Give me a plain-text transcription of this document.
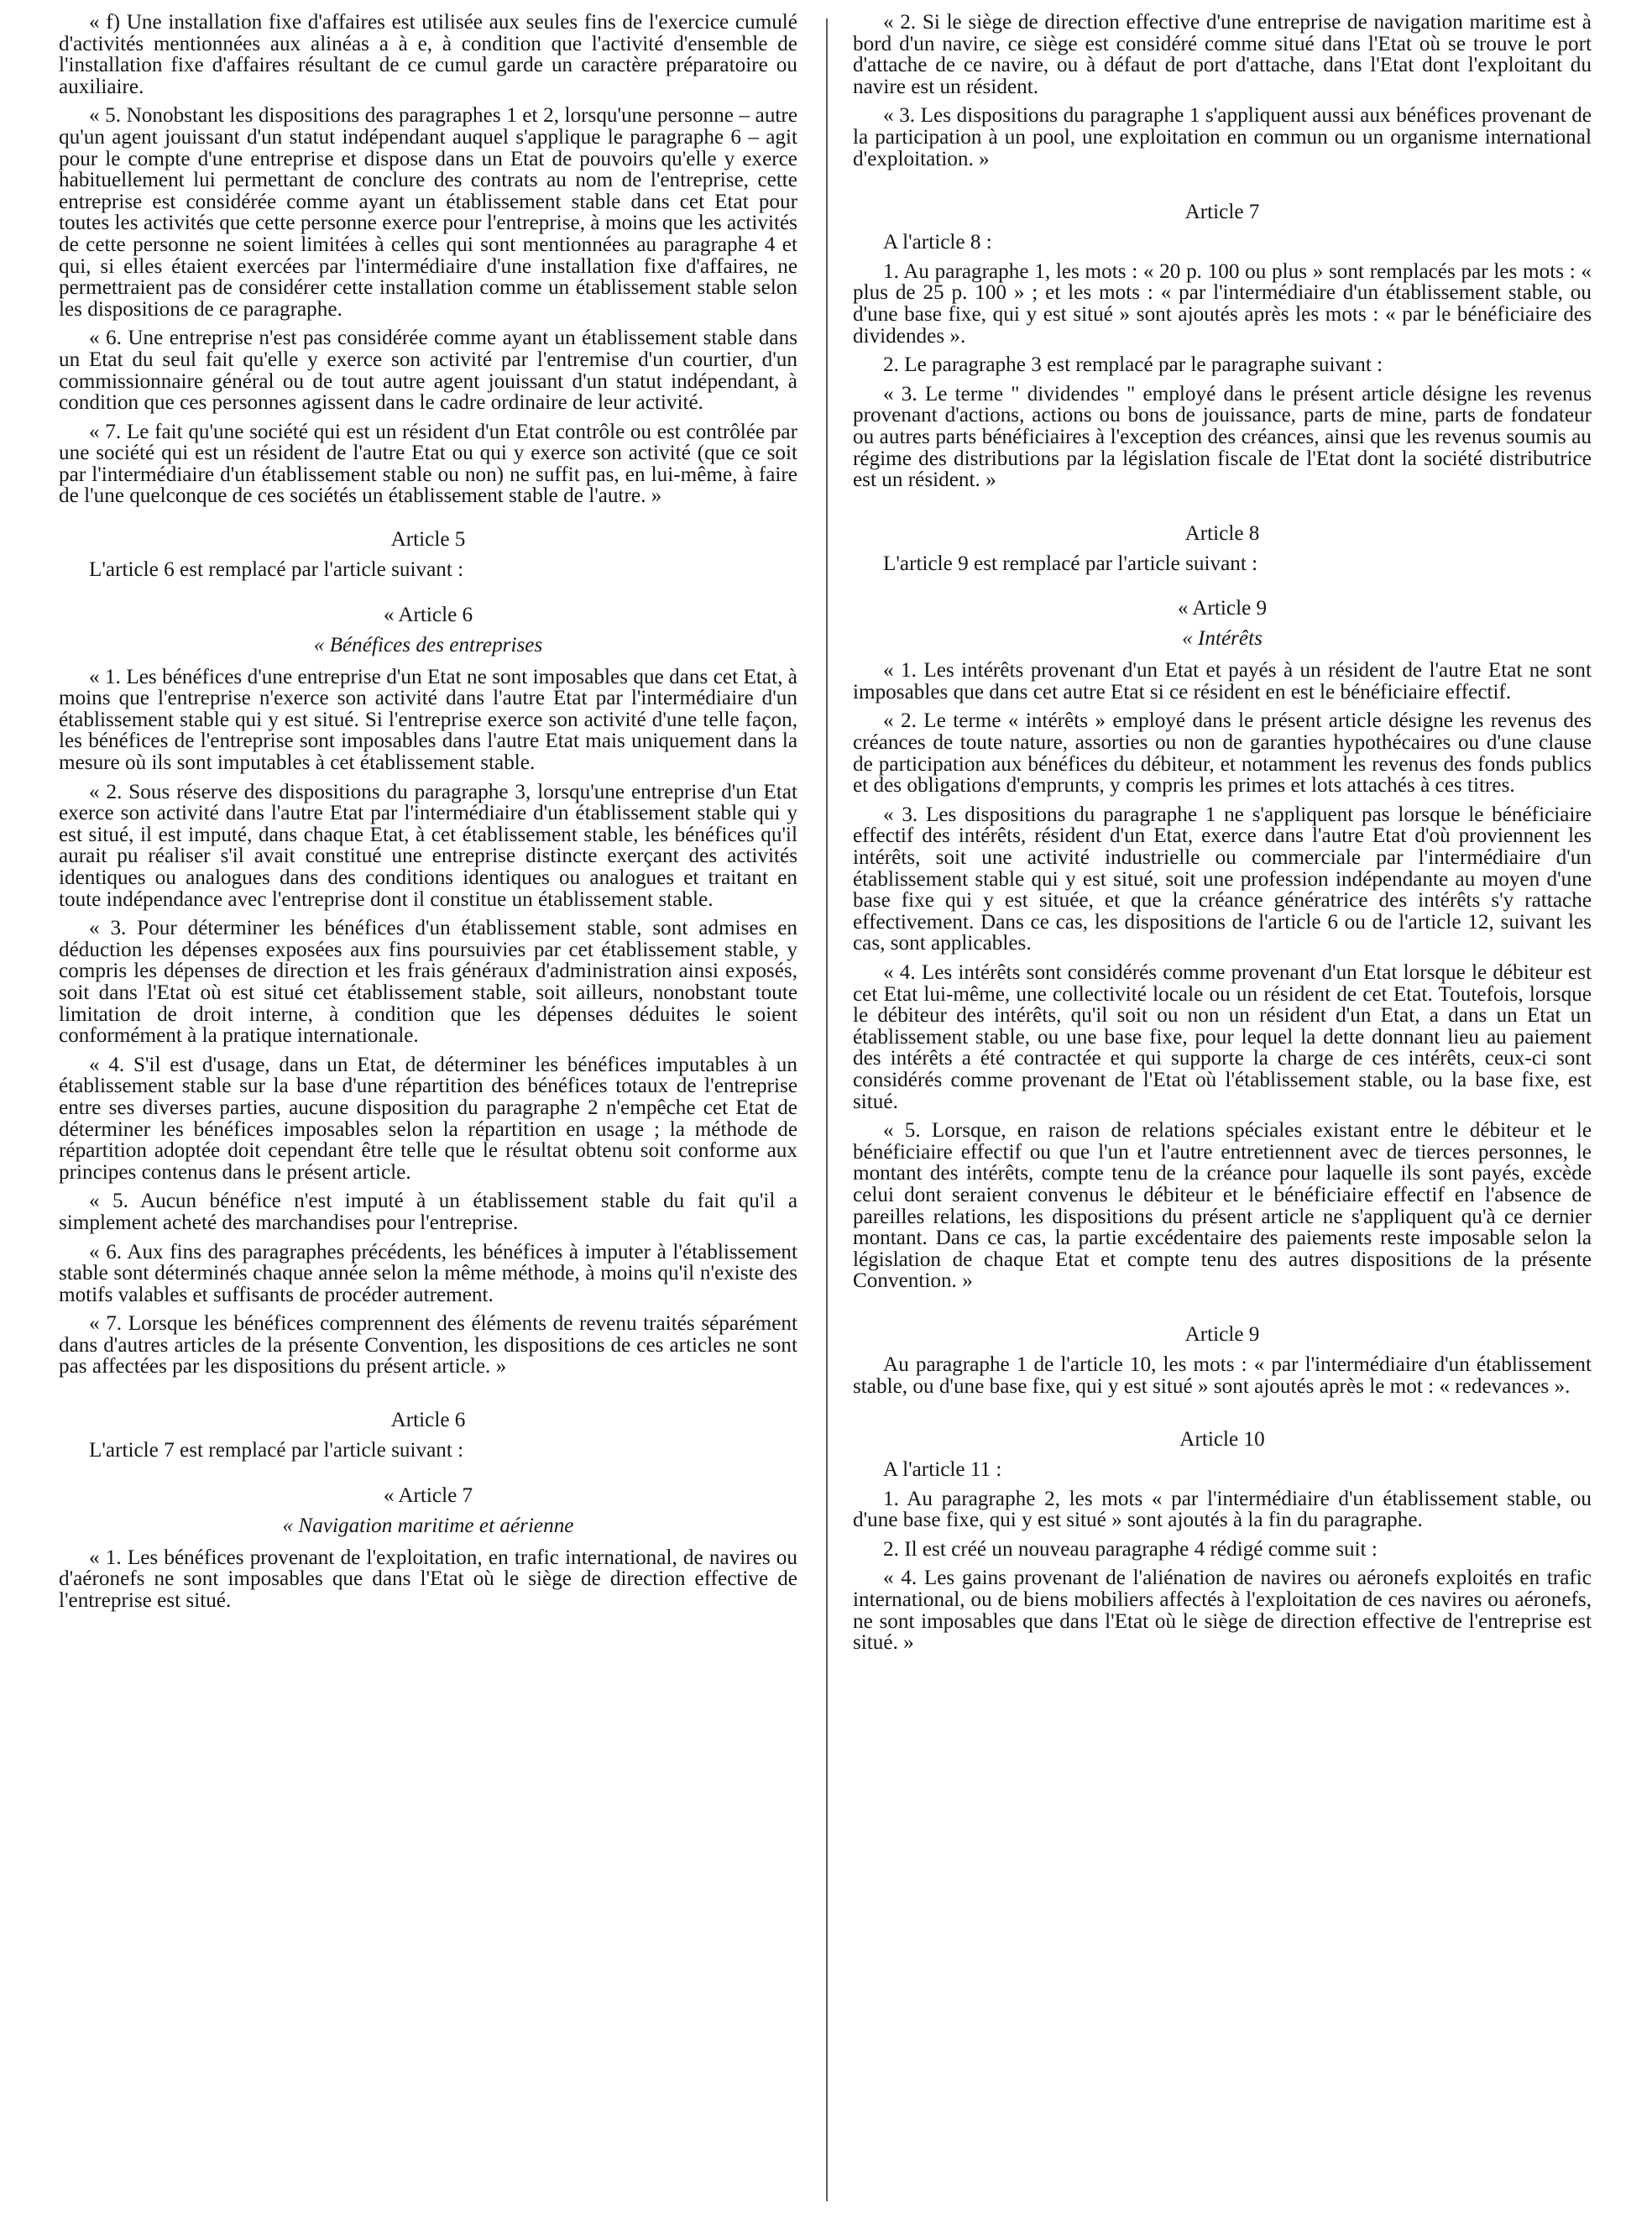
« f) Une installation fixe d'affaires est utilisée aux seules fins de l'exercice cumulé d'activités mentionnées aux alinéas a à e, à condition que l'activité d'ensemble de l'installation fixe d'affaires résultant de ce cumul garde un caractère préparatoire ou auxiliaire.

« 5. Nonobstant les dispositions des paragraphes 1 et 2, lorsqu'une personne – autre qu'un agent jouissant d'un statut indépendant auquel s'applique le paragraphe 6 – agit pour le compte d'une entreprise et dispose dans un Etat de pouvoirs qu'elle y exerce habituellement lui permettant de conclure des contrats au nom de l'entreprise, cette entreprise est considérée comme ayant un établissement stable dans cet Etat pour toutes les activités que cette personne exerce pour l'entreprise, à moins que les activités de cette personne ne soient limitées à celles qui sont mentionnées au paragraphe 4 et qui, si elles étaient exercées par l'intermédiaire d'une installation fixe d'affaires, ne permettraient pas de considérer cette installation comme un établissement stable selon les dispositions de ce paragraphe.

« 6. Une entreprise n'est pas considérée comme ayant un établissement stable dans un Etat du seul fait qu'elle y exerce son activité par l'entremise d'un courtier, d'un commissionnaire général ou de tout autre agent jouissant d'un statut indépendant, à condition que ces personnes agissent dans le cadre ordinaire de leur activité.

« 7. Le fait qu'une société qui est un résident d'un Etat contrôle ou est contrôlée par une société qui est un résident de l'autre Etat ou qui y exerce son activité (que ce soit par l'intermédiaire d'un établissement stable ou non) ne suffit pas, en lui-même, à faire de l'une quelconque de ces sociétés un établissement stable de l'autre. »

Article 5

L'article 6 est remplacé par l'article suivant :

« Article 6
« Bénéfices des entreprises

« 1. Les bénéfices d'une entreprise d'un Etat ne sont imposables que dans cet Etat, à moins que l'entreprise n'exerce son activité dans l'autre Etat par l'intermédiaire d'un établissement stable qui y est situé. Si l'entreprise exerce son activité d'une telle façon, les bénéfices de l'entreprise sont imposables dans l'autre Etat mais uniquement dans la mesure où ils sont imputables à cet établissement stable.

« 2. Sous réserve des dispositions du paragraphe 3, lorsqu'une entreprise d'un Etat exerce son activité dans l'autre Etat par l'intermédiaire d'un établissement stable qui y est situé, il est imputé, dans chaque Etat, à cet établissement stable, les bénéfices qu'il aurait pu réaliser s'il avait constitué une entreprise distincte exerçant des activités identiques ou analogues dans des conditions identiques ou analogues et traitant en toute indépendance avec l'entreprise dont il constitue un établissement stable.

« 3. Pour déterminer les bénéfices d'un établissement stable, sont admises en déduction les dépenses exposées aux fins poursuivies par cet établissement stable, y compris les dépenses de direction et les frais généraux d'administration ainsi exposés, soit dans l'Etat où est situé cet établissement stable, soit ailleurs, nonobstant toute limitation de droit interne, à condition que les dépenses déduites le soient conformément à la pratique internationale.

« 4. S'il est d'usage, dans un Etat, de déterminer les bénéfices imputables à un établissement stable sur la base d'une répartition des bénéfices totaux de l'entreprise entre ses diverses parties, aucune disposition du paragraphe 2 n'empêche cet Etat de déterminer les bénéfices imposables selon la répartition en usage ; la méthode de répartition adoptée doit cependant être telle que le résultat obtenu soit conforme aux principes contenus dans le présent article.

« 5. Aucun bénéfice n'est imputé à un établissement stable du fait qu'il a simplement acheté des marchandises pour l'entreprise.

« 6. Aux fins des paragraphes précédents, les bénéfices à imputer à l'établissement stable sont déterminés chaque année selon la même méthode, à moins qu'il n'existe des motifs valables et suffisants de procéder autrement.

« 7. Lorsque les bénéfices comprennent des éléments de revenu traités séparément dans d'autres articles de la présente Convention, les dispositions de ces articles ne sont pas affectées par les dispositions du présent article. »

Article 6

L'article 7 est remplacé par l'article suivant :

« Article 7
« Navigation maritime et aérienne

« 1. Les bénéfices provenant de l'exploitation, en trafic international, de navires ou d'aéronefs ne sont imposables que dans l'Etat où le siège de direction effective de l'entreprise est situé.

« 2. Si le siège de direction effective d'une entreprise de navigation maritime est à bord d'un navire, ce siège est considéré comme situé dans l'Etat où se trouve le port d'attache de ce navire, ou à défaut de port d'attache, dans l'Etat dont l'exploitant du navire est un résident.

« 3. Les dispositions du paragraphe 1 s'appliquent aussi aux bénéfices provenant de la participation à un pool, une exploitation en commun ou un organisme international d'exploitation. »

Article 7

A l'article 8 :

1. Au paragraphe 1, les mots : « 20 p. 100 ou plus » sont remplacés par les mots : « plus de 25 p. 100 » ; et les mots : « par l'intermédiaire d'un établissement stable, ou d'une base fixe, qui y est situé » sont ajoutés après les mots : « par le bénéficiaire des dividendes ».

2. Le paragraphe 3 est remplacé par le paragraphe suivant :

« 3. Le terme " dividendes " employé dans le présent article désigne les revenus provenant d'actions, actions ou bons de jouissance, parts de mine, parts de fondateur ou autres parts bénéficiaires à l'exception des créances, ainsi que les revenus soumis au régime des distributions par la législation fiscale de l'Etat dont la société distributrice est un résident. »

Article 8

L'article 9 est remplacé par l'article suivant :

« Article 9
« Intérêts

« 1. Les intérêts provenant d'un Etat et payés à un résident de l'autre Etat ne sont imposables que dans cet autre Etat si ce résident en est le bénéficiaire effectif.

« 2. Le terme « intérêts » employé dans le présent article désigne les revenus des créances de toute nature, assorties ou non de garanties hypothécaires ou d'une clause de participation aux bénéfices du débiteur, et notamment les revenus des fonds publics et des obligations d'emprunts, y compris les primes et lots attachés à ces titres.

« 3. Les dispositions du paragraphe 1 ne s'appliquent pas lorsque le bénéficiaire effectif des intérêts, résident d'un Etat, exerce dans l'autre Etat d'où proviennent les intérêts, soit une activité industrielle ou commerciale par l'intermédiaire d'un établissement stable qui y est situé, soit une profession indépendante au moyen d'une base fixe qui y est située, et que la créance génératrice des intérêts s'y rattache effectivement. Dans ce cas, les dispositions de l'article 6 ou de l'article 12, suivant les cas, sont applicables.

« 4. Les intérêts sont considérés comme provenant d'un Etat lorsque le débiteur est cet Etat lui-même, une collectivité locale ou un résident de cet Etat. Toutefois, lorsque le débiteur des intérêts, qu'il soit ou non un résident d'un Etat, a dans un Etat un établissement stable, ou une base fixe, pour lequel la dette donnant lieu au paiement des intérêts a été contractée et qui supporte la charge de ces intérêts, ceux-ci sont considérés comme provenant de l'Etat où l'établissement stable, ou la base fixe, est situé.

« 5. Lorsque, en raison de relations spéciales existant entre le débiteur et le bénéficiaire effectif ou que l'un et l'autre entretiennent avec de tierces personnes, le montant des intérêts, compte tenu de la créance pour laquelle ils sont payés, excède celui dont seraient convenus le débiteur et le bénéficiaire effectif en l'absence de pareilles relations, les dispositions du présent article ne s'appliquent qu'à ce dernier montant. Dans ce cas, la partie excédentaire des paiements reste imposable selon la législation de chaque Etat et compte tenu des autres dispositions de la présente Convention. »

Article 9

Au paragraphe 1 de l'article 10, les mots : « par l'intermédiaire d'un établissement stable, ou d'une base fixe, qui y est situé » sont ajoutés après le mot : « redevances ».

Article 10

A l'article 11 :

1. Au paragraphe 2, les mots « par l'intermédiaire d'un établissement stable, ou d'une base fixe, qui y est situé » sont ajoutés à la fin du paragraphe.

2. Il est créé un nouveau paragraphe 4 rédigé comme suit :

« 4. Les gains provenant de l'aliénation de navires ou aéronefs exploités en trafic international, ou de biens mobiliers affectés à l'exploitation de ces navires ou aéronefs, ne sont imposables que dans l'Etat où le siège de direction effective de l'entreprise est situé. »
